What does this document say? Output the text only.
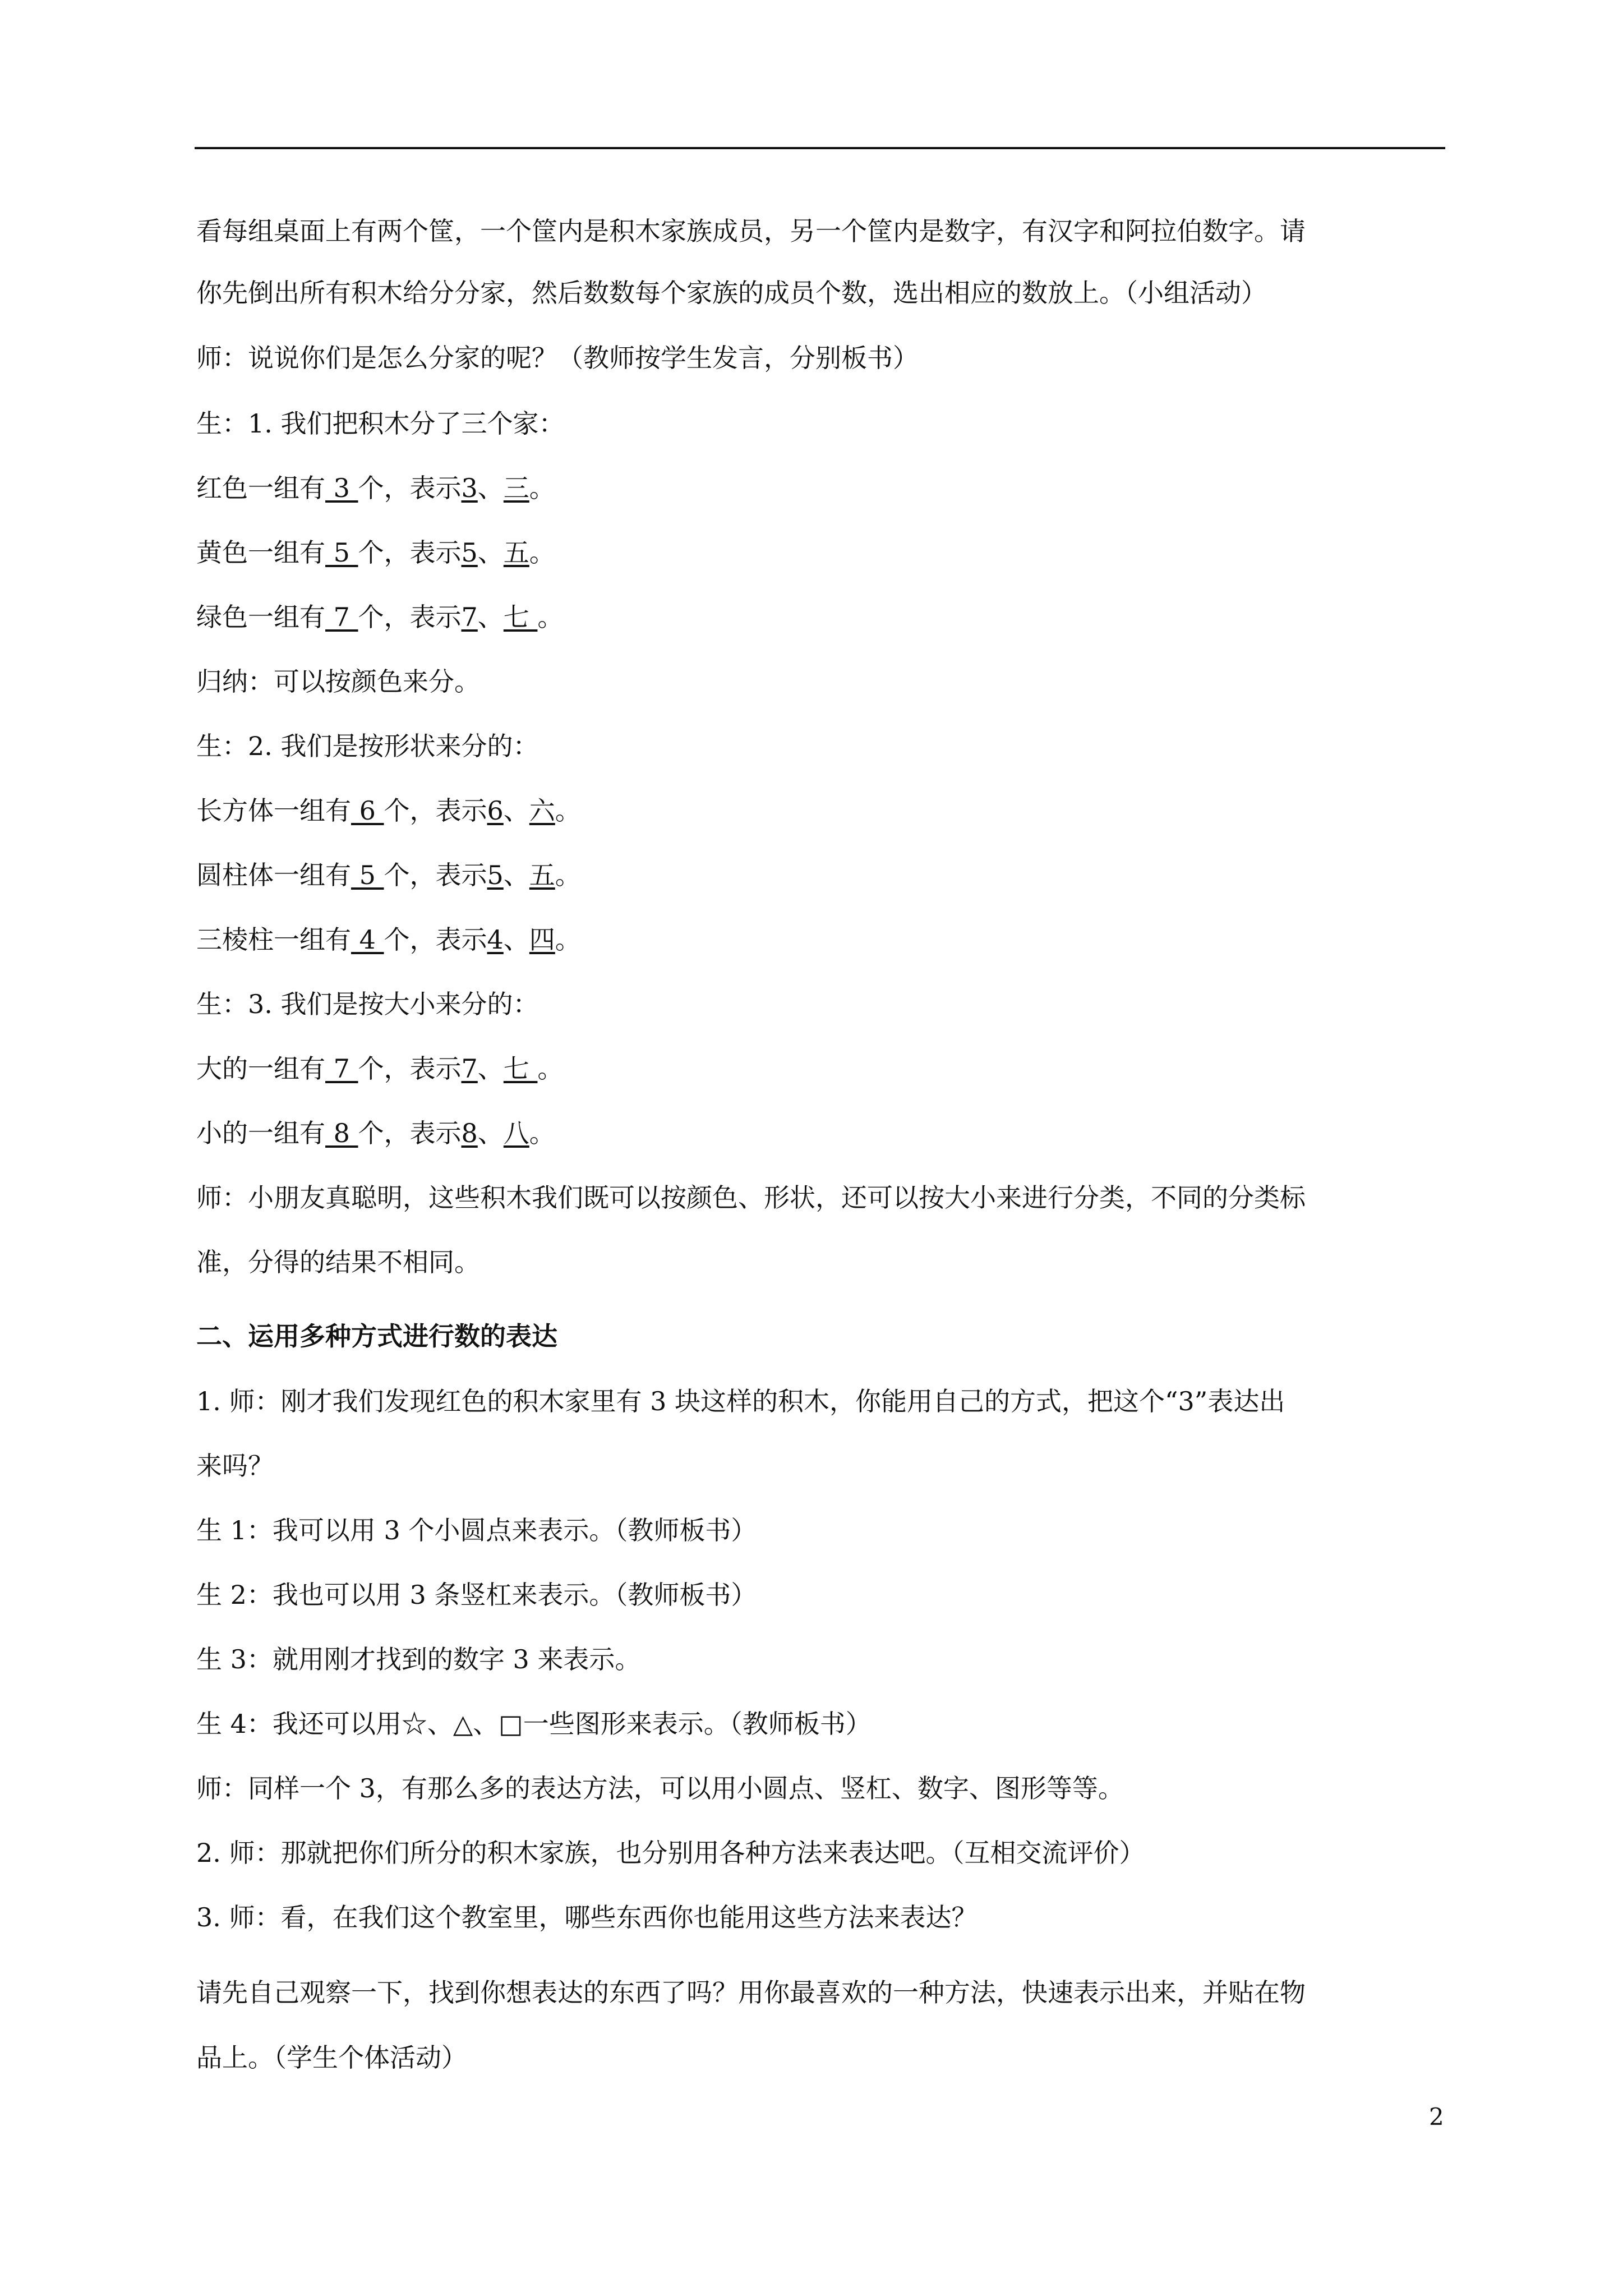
看每组桌面上有两个筐，一个筐内是积木家族成员，另一个筐内是数字，有汉字和阿拉伯数字。请
你先倒出所有积木给分分家，然后数数每个家族的成员个数，选出相应的数放上。（小组活动）
师：说说你们是怎么分家的呢？（教师按学生发言，分别板书）
生：1. 我们把积木分了三个家：
红色一组有 3 个，表示3、三。
黄色一组有 5 个，表示5、五。
绿色一组有 7 个，表示7、七 。
归纳：可以按颜色来分。
生：2. 我们是按形状来分的：
长方体一组有 6 个，表示6、六。
圆柱体一组有 5 个，表示5、五。
三棱柱一组有 4 个，表示4、四。
生：3. 我们是按大小来分的：
大的一组有 7 个，表示7、七 。
小的一组有 8 个，表示8、八。
师：小朋友真聪明，这些积木我们既可以按颜色、形状，还可以按大小来进行分类，不同的分类标
准，分得的结果不相同。
二、运用多种方式进行数的表达
1. 师：刚才我们发现红色的积木家里有 3 块这样的积木，你能用自己的方式，把这个“3”表达出
来吗？
生 1：我可以用 3 个小圆点来表示。（教师板书）
生 2：我也可以用 3 条竖杠来表示。（教师板书）
生 3：就用刚才找到的数字 3 来表示。
生 4：我还可以用☆、△、□一些图形来表示。（教师板书）
师：同样一个 3，有那么多的表达方法，可以用小圆点、竖杠、数字、图形等等。
2. 师：那就把你们所分的积木家族，也分别用各种方法来表达吧。（互相交流评价）
3. 师：看，在我们这个教室里，哪些东西你也能用这些方法来表达？
请先自己观察一下，找到你想表达的东西了吗？用你最喜欢的一种方法，快速表示出来，并贴在物
品上。（学生个体活动）
2
